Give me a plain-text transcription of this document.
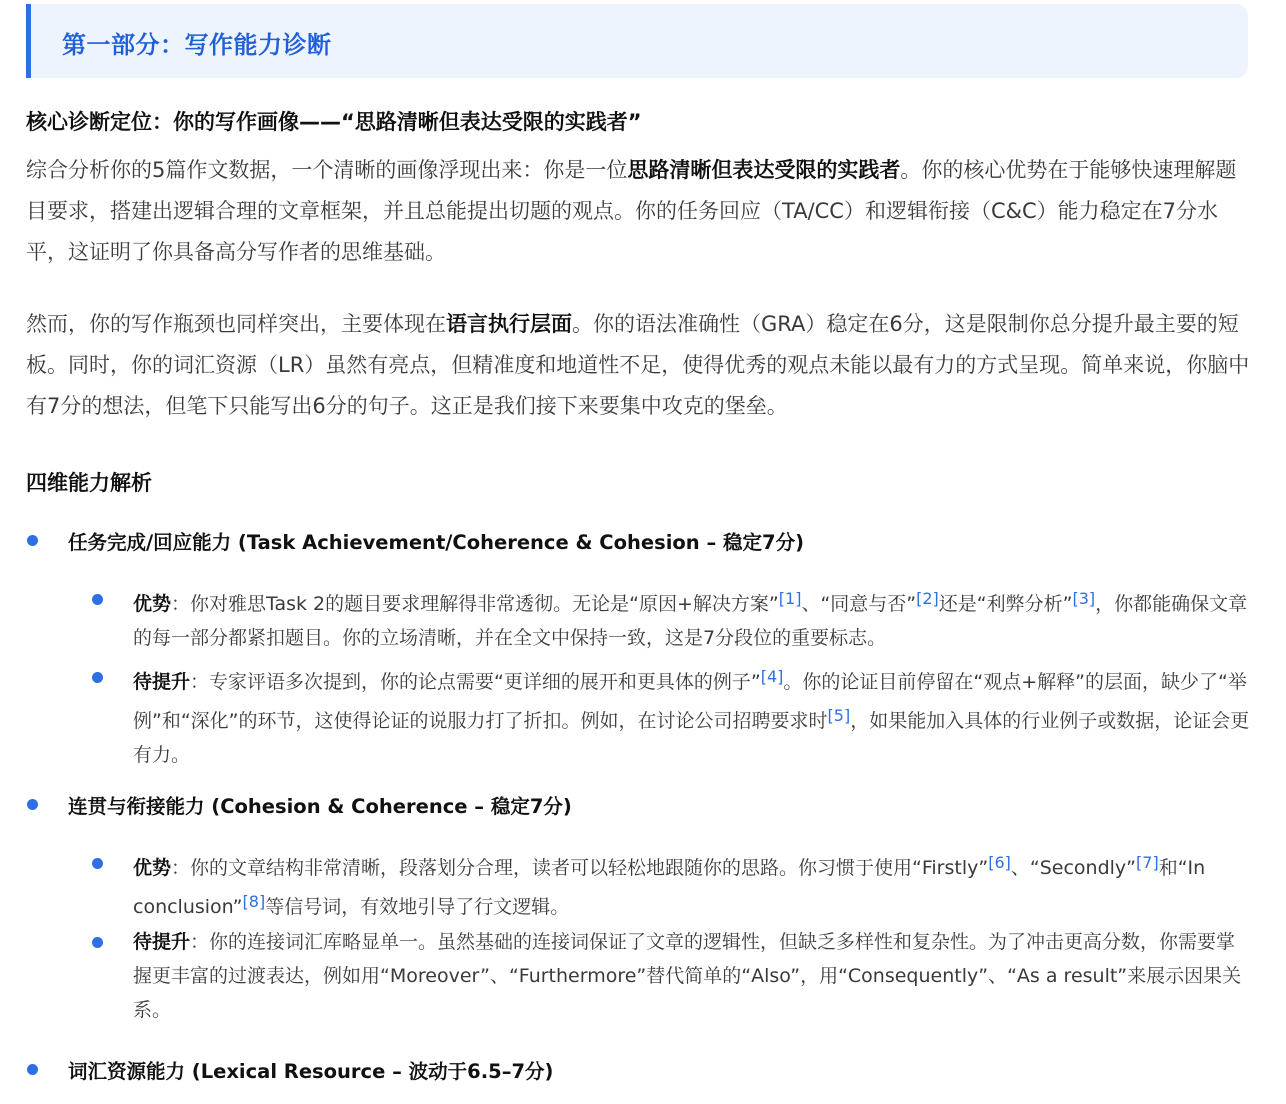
第一部分：写作能力诊断
核心诊断定位：你的写作画像——“思路清晰但表达受限的实践者”

综合分析你的5篇作文数据，一个清晰的画像浮现出来：你是一位思路清晰但表达受限的实践者。你的核心优势在于能够快速理解题目要求，搭建出逻辑合理的文章框架，并且总能提出切题的观点。你的任务回应（TA/CC）和逻辑衔接（C&C）能力稳定在7分水平，这证明了你具备高分写作者的思维基础。

然而，你的写作瓶颈也同样突出，主要体现在语言执行层面。你的语法准确性（GRA）稳定在6分，这是限制你总分提升最主要的短板。同时，你的词汇资源（LR）虽然有亮点，但精准度和地道性不足，使得优秀的观点未能以最有力的方式呈现。简单来说，你脑中有7分的想法，但笔下只能写出6分的句子。这正是我们接下来要集中攻克的堡垒。

四维能力解析
任务完成/回应能力 (Task Achievement/Coherence & Cohesion – 稳定7分)

优势：你对雅思Task 2的题目要求理解得非常透彻。无论是“原因+解决方案”[1]、“同意与否”[2]还是“利弊分析”[3]，你都能确保文章的每一部分都紧扣题目。你的立场清晰，并在全文中保持一致，这是7分段位的重要标志。

待提升：专家评语多次提到，你的论点需要“更详细的展开和更具体的例子”[4]。你的论证目前停留在“观点+解释”的层面，缺少了“举例”和“深化”的环节，这使得论证的说服力打了折扣。例如，在讨论公司招聘要求时[5]，如果能加入具体的行业例子或数据，论证会更有力。

连贯与衔接能力 (Cohesion & Coherence – 稳定7分)

优势：你的文章结构非常清晰，段落划分合理，读者可以轻松地跟随你的思路。你习惯于使用“Firstly”[6]、“Secondly”[7]和“In conclusion”[8]等信号词，有效地引导了行文逻辑。

待提升：你的连接词汇库略显单一。虽然基础的连接词保证了文章的逻辑性，但缺乏多样性和复杂性。为了冲击更高分数，你需要掌握更丰富的过渡表达，例如用“Moreover”、“Furthermore”替代简单的“Also”，用“Consequently”、“As a result”来展示因果关系。

词汇资源能力 (Lexical Resource – 波动于6.5–7分)
